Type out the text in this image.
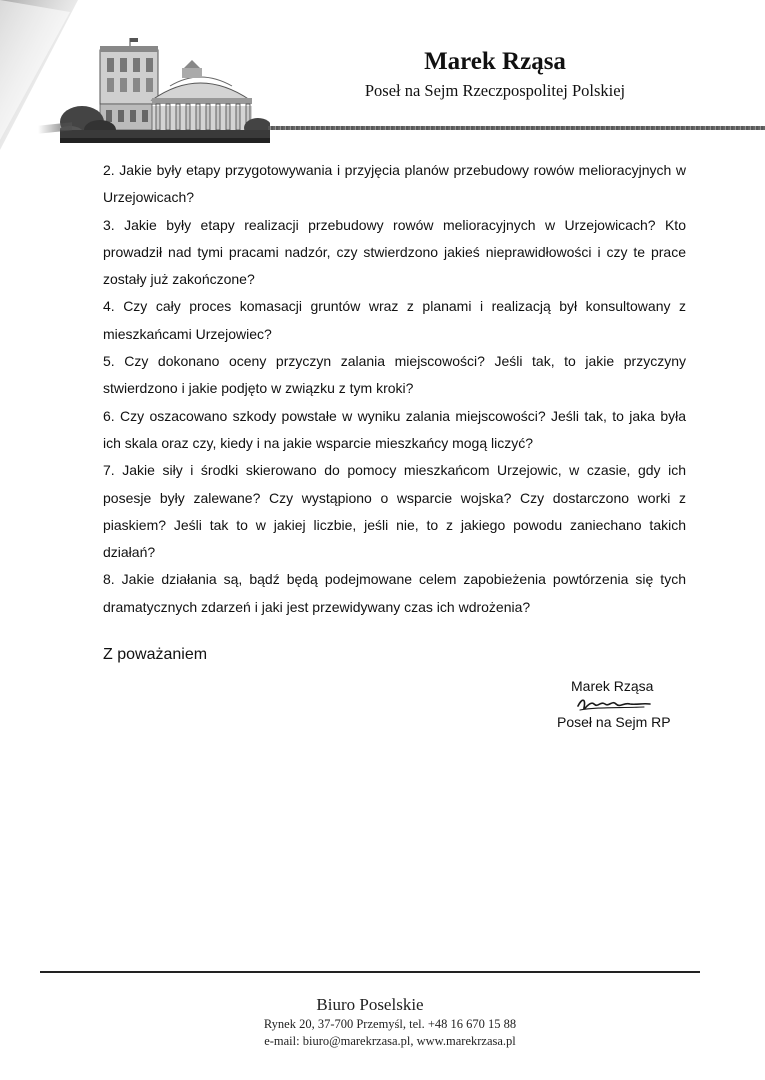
Marek Rząsa
Poseł na Sejm Rzeczpospolitej Polskiej

2. Jakie były etapy przygotowywania i przyjęcia planów przebudowy rowów melioracyjnych w Urzejowicach?

3. Jakie były etapy realizacji przebudowy rowów melioracyjnych w Urzejowicach? Kto prowadził nad tymi pracami nadzór, czy stwierdzono jakieś nieprawidłowości i czy te prace zostały już zakończone?

4. Czy cały proces komasacji gruntów wraz z planami i realizacją był konsultowany z mieszkańcami Urzejowiec?

5. Czy dokonano oceny przyczyn zalania miejscowości? Jeśli tak, to jakie przyczyny stwierdzono i jakie podjęto w związku z tym kroki?

6. Czy oszacowano szkody powstałe w wyniku zalania miejscowości? Jeśli tak, to jaka była ich skala oraz czy, kiedy i na jakie wsparcie mieszkańcy mogą liczyć?

7. Jakie siły i środki skierowano do pomocy mieszkańcom Urzejowic, w czasie, gdy ich posesje były zalewane? Czy wystąpiono o wsparcie wojska? Czy dostarczono worki z piaskiem? Jeśli tak to w jakiej liczbie, jeśli nie, to z jakiego powodu zaniechano takich działań?

8. Jakie działania są, bądź będą podejmowane celem zapobieżenia powtórzenia się tych dramatycznych zdarzeń i jaki jest przewidywany czas ich wdrożenia?

Z poważaniem
Marek Rząsa
Poseł na Sejm RP
Biuro Poselskie
Rynek 20, 37-700 Przemyśl, tel. +48 16 670 15 88
e-mail: biuro@marekrzasa.pl, www.marekrzasa.pl
